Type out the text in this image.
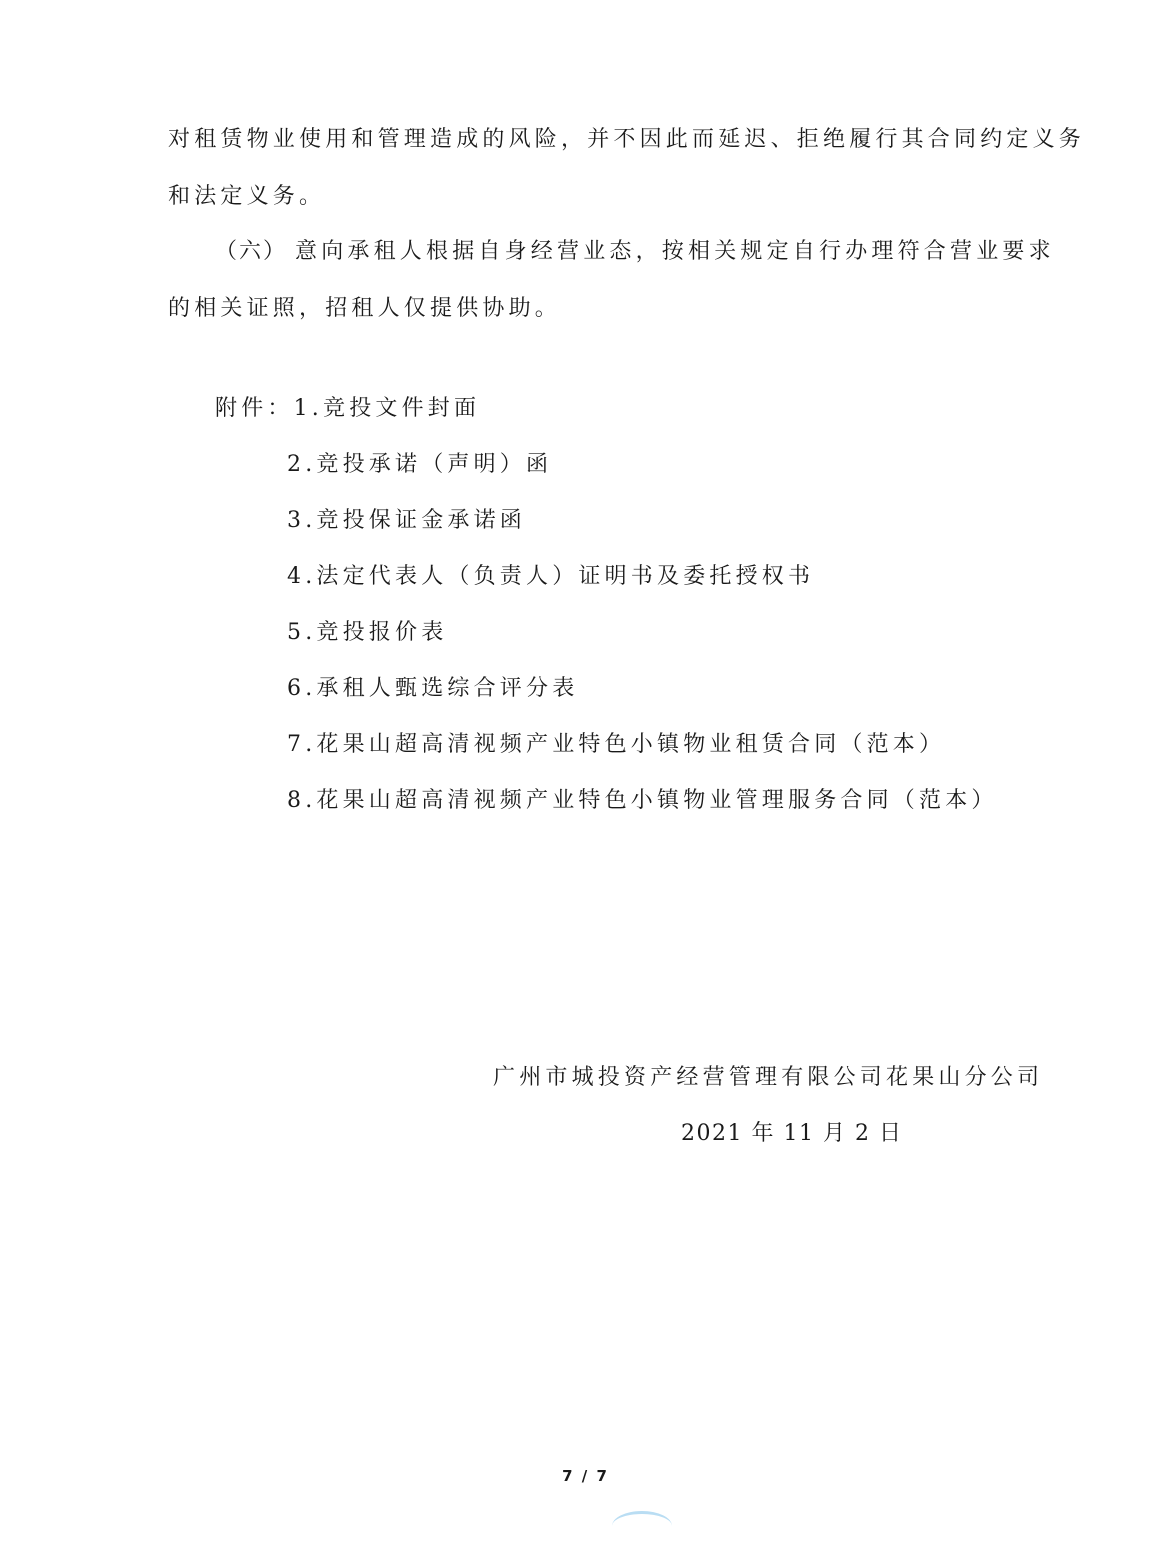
对租赁物业使用和管理造成的风险，并不因此而延迟、拒绝履行其合同约定义务
和法定义务。
（六） 意向承租人根据自身经营业态，按相关规定自行办理符合营业要求
的相关证照，招租人仅提供协助。
附件：1.竞投文件封面
2.竞投承诺（声明）函
3.竞投保证金承诺函
4.法定代表人（负责人）证明书及委托授权书
5.竞投报价表
6.承租人甄选综合评分表
7.花果山超高清视频产业特色小镇物业租赁合同（范本）
8.花果山超高清视频产业特色小镇物业管理服务合同（范本）
广州市城投资产经营管理有限公司花果山分公司
2021 年 11 月 2 日
7 / 7
